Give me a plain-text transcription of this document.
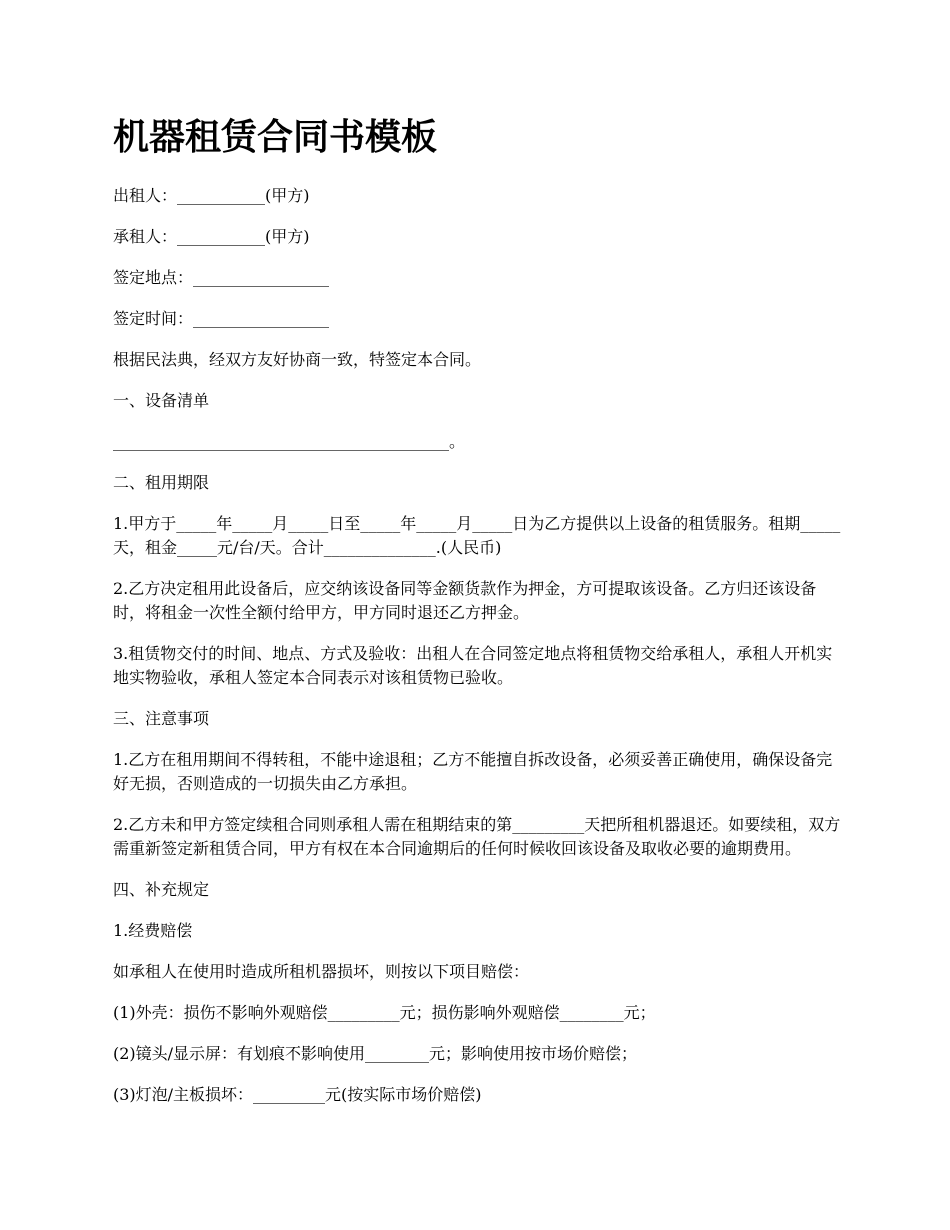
机器租赁合同书模板

出租人：___________(甲方)

承租人：___________(甲方)

签定地点：_________________

签定时间：_________________

根据民法典，经双方友好协商一致，特签定本合同。

一、设备清单

__________________________________________。

二、租用期限

1.甲方于_____年_____月_____日至_____年_____月_____日为乙方提供以上设备的租赁服务。租期_____天，租金_____元/台/天。合计______________.(人民币)

2.乙方决定租用此设备后，应交纳该设备同等金额货款作为押金，方可提取该设备。乙方归还该设备时，将租金一次性全额付给甲方，甲方同时退还乙方押金。

3.租赁物交付的时间、地点、方式及验收：出租人在合同签定地点将租赁物交给承租人，承租人开机实地实物验收，承租人签定本合同表示对该租赁物已验收。

三、注意事项

1.乙方在租用期间不得转租，不能中途退租；乙方不能擅自拆改设备，必须妥善正确使用，确保设备完好无损，否则造成的一切损失由乙方承担。

2.乙方未和甲方签定续租合同则承租人需在租期结束的第_________天把所租机器退还。如要续租，双方需重新签定新租赁合同，甲方有权在本合同逾期后的任何时候收回该设备及取收必要的逾期费用。

四、补充规定

1.经费赔偿

如承租人在使用时造成所租机器损坏，则按以下项目赔偿：

(1)外壳：损伤不影响外观赔偿_________元；损伤影响外观赔偿________元；

(2)镜头/显示屏：有划痕不影响使用________元；影响使用按市场价赔偿；

(3)灯泡/主板损坏：_________元(按实际市场价赔偿)
